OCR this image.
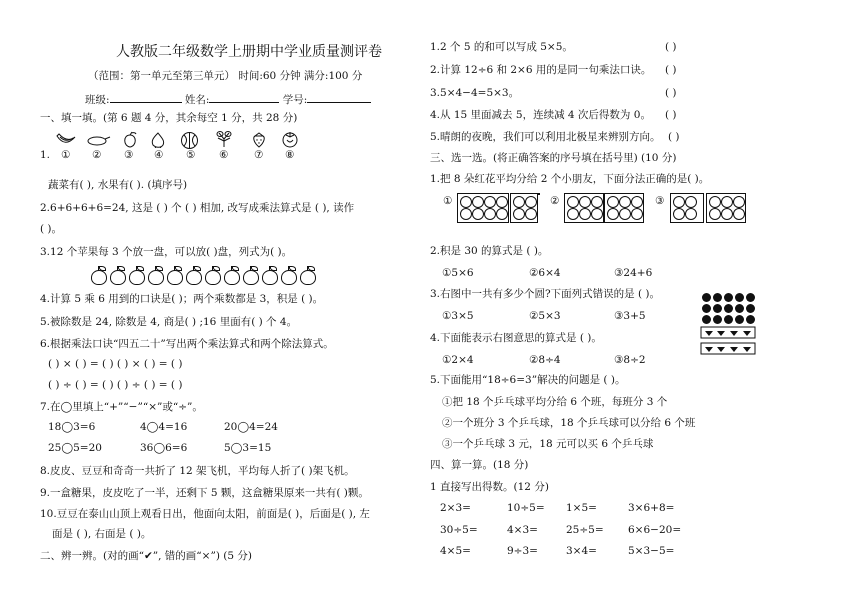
人教版二年级数学上册期中学业质量测评卷
（范围：第一单元至第三单元） 时间:60 分钟 满分:100 分
班级:	姓名:	学号:
一、填一填。(第 6 题 4 分，其余每空 1 分，共 28 分)
1. ① ② ③ ④ ⑤ ⑥ ⑦ ⑧
蔬菜有( ), 水果有( ). (填序号)
2.6+6+6+6=24, 这是 ( ) 个 ( ) 相加, 改写成乘法算式是 ( ), 读作
( )。
3.12 个苹果每 3 个放一盘，可以放( )盘，列式为( )。
4.计算 5 乘 6 用到的口诀是( )；两个乘数都是 3，积是 ( )。
5.被除数是 24, 除数是 4, 商是( ) ;16 里面有( ) 个 4。
6.根据乘法口诀“四五二十”写出两个乘法算式和两个除法算式。
( ) × ( ) = ( ) ( ) × ( ) = ( )
( ) ÷ ( ) = ( ) ( ) ÷ ( ) = ( )
7.在◯里填上“+”“−”“×”或“÷”。
18◯3=6	4◯4=16	20◯4=24
25◯5=20	36◯6=6	5◯3=15
8.皮皮、豆豆和奇奇一共折了 12 架飞机，平均每人折了( )架飞机。
9.一盒糖果，皮皮吃了一半，还剩下 5 颗，这盒糖果原来一共有( )颗。
10.豆豆在泰山山顶上观看日出，他面向太阳，前面是( )，后面是( ), 左
面是 ( ), 右面是 ( )。
二、辨一辨。(对的画“✔”, 错的画“×”) (5 分)
1.2 个 5 的和可以写成 5×5。	( )
2.计算 12÷6 和 2×6 用的是同一句乘法口诀。 ( )
3.5×4−4=5×3。	( )
4.从 15 里面减去 5，连续减 4 次后得数为 0。 ( )
5.晴朗的夜晚，我们可以利用北极星来辨别方向。 ( )
三、选一选。(将正确答案的序号填在括号里) (10 分)
1.把 8 朵红花平均分给 2 个小朋友，下面分法正确的是( )。
①	②	③
2.积是 30 的算式是 ( )。
①5×6	②6×4	③24+6
3.右图中一共有多少个圆?下面列式错误的是 ( )。
①3×5	②5×3	③3+5
4.下面能表示右图意思的算式是 ( )。
①2×4	②8÷4	③8÷2
5.下面能用“18÷6=3”解决的问题是 ( )。
①把 18 个乒乓球平均分给 6 个班，每班分 3 个
②一个班分 3 个乒乓球，18 个乒乓球可以分给 6 个班
③一个乒乓球 3 元，18 元可以买 6 个乒乓球
四、算一算。(18 分)
1 直接写出得数。(12 分)
2×3=	10÷5= 1×5=	3×6+8=
30÷5=	4×3=	25÷5= 6×6−20=
4×5=	9÷3=	3×4=	5×3−5=
